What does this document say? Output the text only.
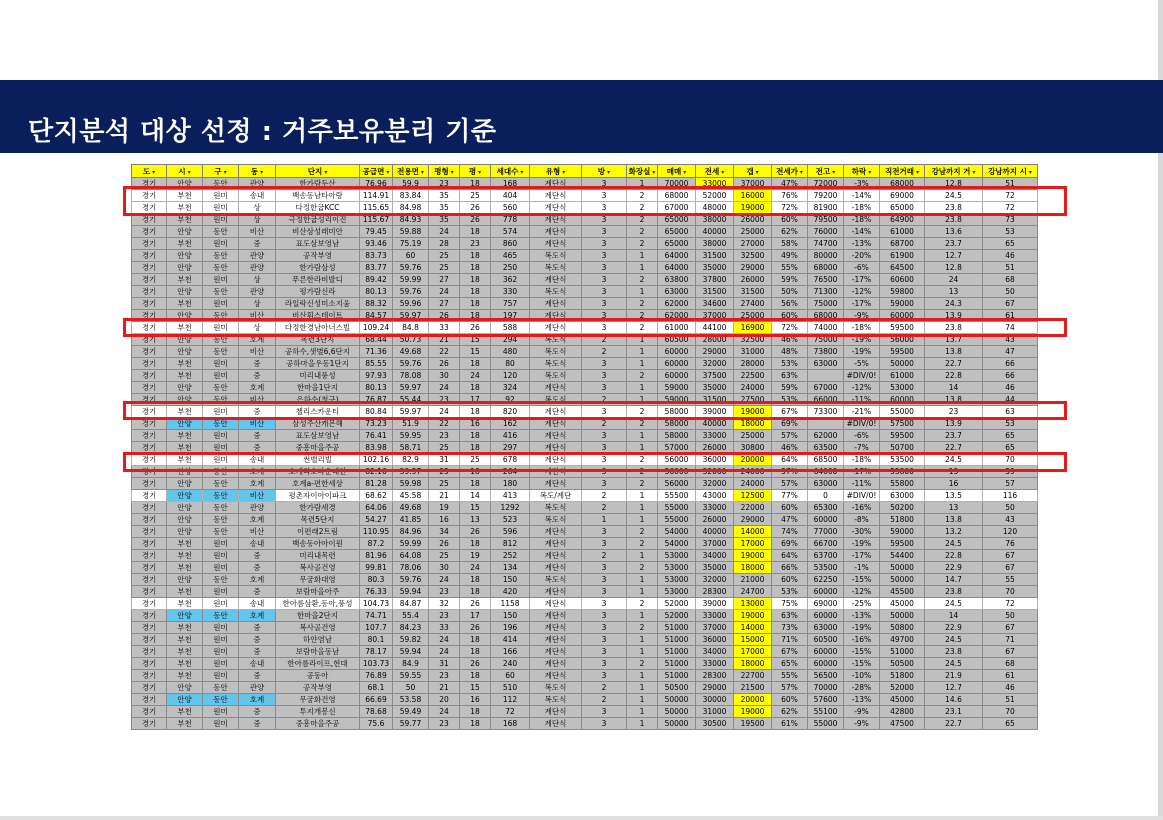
단지분석 대상 선정 : 거주보유분리 기준
도 ▾	시 ▾	구 ▾	동 ▾	단지 ▾	공급면 ▾	전용면 ▾	평형 ▾	평 ▾	세대수 ▾	유형 ▾	방 ▾	화장실 ▾	매매 ▾	전세 ▾	갭 ▾	전세가 ▾	전고 ▾	하락 ▾	직전거래 ▾	강남까지 거 ▾	강남까지 시 ▾
경기	안양	동안	관양	한가람두산	76.96	59.9	23	18	168	계단식	3	1	70000	33000	37000	47%	72000	-3%	68000	12.8	51
경기	부천	원미	송내	백송동남타아랑	114.91	83.84	35	25	404	계단식	3	2	68000	52000	16000	76%	79200	-14%	69000	24.5	72
경기	부천	원미	상	다정한굽KCC	115.65	84.98	35	26	560	계단식	3	2	67000	48000	19000	72%	81900	-18%	65000	23.8	72
경기	부천	원미	상	극정한굽성리이진	115.67	84.93	35	26	778	계단식	3	2	65000	38000	26000	60%	79500	-18%	64900	23.8	73
경기	안양	동안	비산	비산삼성래미안	79.45	59.88	24	18	574	계단식	3	2	65000	40000	25000	62%	76000	-14%	61000	13.6	53
경기	부천	원미	중	표도삼보영남	93.46	75.19	28	23	860	계단식	3	2	65000	38000	27000	58%	74700	-13%	68700	23.7	65
경기	안양	동안	관양	공작부영	83.73	60	25	18	465	복도식	3	1	64000	31500	32500	49%	80000	-20%	61900	12.7	46
경기	안양	동안	관양	한가람삼성	83.77	59.76	25	18	250	복도식	3	1	64000	35000	29000	55%	68000	-6%	64500	12.8	51
경기	부천	원미	상	푸른한라비발디	89.42	59.99	27	18	362	계단식	3	2	63800	37800	26000	59%	76500	-17%	60600	24	68
경기	안양	동안	관양	평가람신라	80.13	59.76	24	18	330	복도식	3	1	63000	31500	31500	50%	71300	-12%	59800	13	50
경기	부천	원미	상	라일락신성미소지움	88.32	59.96	27	18	757	계단식	3	2	62000	34600	27400	56%	75000	-17%	59000	24.3	67
경기	안양	동안	비산	비산휘스테이트	84.57	59.97	26	18	197	계단식	3	2	62000	37000	25000	60%	68000	-9%	60000	13.9	61
경기	부천	원미	상	다정한경남아너스빌	109.24	84.8	33	26	588	계단식	3	2	61000	44100	16900	72%	74000	-18%	59500	23.8	74
경기	안양	동안	호계	목련3단지	68.44	50.73	21	15	294	복도식	2	1	60500	28000	32500	46%	75000	-19%	56000	13.7	43
경기	안양	동안	비산	공하수,샛별6,6단지	71.36	49.68	22	15	480	복도식	2	1	60000	29000	31000	48%	73800	-19%	59500	13.8	47
경기	부천	원미	중	공하마을우동1단지	85.55	59.76	26	18	80	복도식	3	1	60000	32000	28000	53%	63000	-5%	50000	22.7	66
경기	부천	원미	중	미리내풍성	97.93	78.08	30	24	120	복도식	3	2	60000	37500	22500	63%		#DIV/0!	61000	22.8	66
경기	안양	동안	호계	한마을1단지	80.13	59.97	24	18	324	계단식	3	1	59000	35000	24000	59%	67000	-12%	53000	14	46
경기	안양	동안	비산	은하수(청구)	76.87	55.44	23	17	92	복도식	2	1	59000	31500	27500	53%	66000	-11%	60000	13.8	44
경기	부천	원미	중	첼리스카운티	80.84	59.97	24	18	820	계단식	3	2	58000	39000	19000	67%	73300	-21%	55000	23	63
경기	안양	동안	비산	삼성주산캐몬해	73.23	51.9	22	16	162	계단식	2	2	58000	40000	18000	69%		#DIV/0!	57500	13.9	53
경기	부천	원미	중	표도삼보영남	76.41	59.95	23	18	416	계단식	3	1	58000	33000	25000	57%	62000	-6%	59500	23.7	65
경기	부천	원미	중	중흥마을주공	83.98	58.71	25	18	297	계단식	3	1	57000	26000	30800	46%	63500	-7%	50700	22.7	65
경기	부천	원미	송내	썬밸리빌	102.16	82.9	31	25	678	계단식	3	2	56000	36000	20000	64%	68500	-18%	53500	24.5	70
경기	안양	동안	호계	호계리호타운대한	82.16	59.97	25	18	264	계단식	3	2	56000	32000	24000	57%	64000	-17%	55800	13	59
경기	안양	동안	호계	호계a-편한세상	81.28	59.98	25	18	180	계단식	3	2	56000	32000	24000	57%	63000	-11%	55800	16	57
경기	안양	동안	비산	평촌자이아이파크	68.62	45.58	21	14	413	복도/계단	2	1	55500	43000	12500	77%	0	#DIV/0!	63000	13.5	116
경기	안양	동안	관양	한가람세경	64.06	49.68	19	15	1292	복도식	2	1	55000	33000	22000	60%	65300	-16%	50200	13	50
경기	안양	동안	호계	목련5단지	54.27	41.85	16	13	523	복도식	1	1	55000	26000	29000	47%	60000	-8%	51800	13.8	43
경기	안양	동안	비산	이편래2트림	110.95	84.96	34	26	596	계단식	3	2	54000	40000	14000	74%	77000	-30%	59000	13.2	120
경기	부천	원미	송내	백송동아아이원	87.2	59.99	26	18	812	계단식	3	2	54000	37000	17000	69%	66700	-19%	59500	24.5	76
경기	부천	원미	중	미리내목련	81.96	64.08	25	19	252	계단식	2	1	53000	34000	19000	64%	63700	-17%	54400	22.8	67
경기	부천	원미	중	복사골건영	99.81	78.06	30	24	134	계단식	3	2	53000	35000	18000	66%	53500	-1%	50000	22.9	67
경기	안양	동안	호계	무궁화대영	80.3	59.76	24	18	150	복도식	3	1	53000	32000	21000	60%	62250	-15%	50000	14.7	55
경기	부천	원미	중	보람마을아주	76.33	59.94	23	18	420	계단식	3	1	53000	28300	24700	53%	60000	-12%	45500	23.8	70
경기	부천	원미	송내	한아름삼환,동아,풍성	104.73	84.87	32	26	1158	계단식	3	2	52000	39000	13000	75%	69000	-25%	45000	24.5	72
경기	안양	동안	호계	한마을2단지	74.71	55.4	23	17	150	계단식	3	1	52000	33000	19000	63%	60000	-13%	50000	14	50
경기	부천	원미	중	복사골건영	107.7	84.23	33	26	196	계단식	3	2	51000	37000	14000	73%	63000	-19%	50800	22.9	67
경기	부천	원미	중	하얀염남	80.1	59.82	24	18	414	계단식	3	1	51000	36000	15000	71%	60500	-16%	49700	24.5	71
경기	부천	원미	중	보람마을동남	78.17	59.94	24	18	166	계단식	3	1	51000	34000	17000	67%	60000	-15%	51000	23.8	67
경기	부천	원미	송내	한아름라이프,현대	103.73	84.9	31	26	240	계단식	3	2	51000	33000	18000	65%	60000	-15%	50500	24.5	68
경기	부천	원미	중	공동아	76.89	59.55	23	18	60	계단식	3	1	51000	28300	22700	55%	56500	-10%	51800	21.9	61
경기	안양	동안	관양	공작부영	68.1	50	21	15	510	복도식	2	1	50500	29000	21500	57%	70000	-28%	52000	12.7	46
경기	안양	동안	호계	무궁화건영	66.69	53.58	20	16	112	복도식	2	1	50000	30000	20000	60%	57600	-13%	45000	14.6	51
경기	부천	원미	중	투지개봉신	78.68	59.49	24	18	72	계단식	3	1	50000	31000	19000	62%	55100	-9%	42800	23.1	70
경기	부천	원미	중	중흥마을주공	75.6	59.77	23	18	168	계단식	3	1	50000	30500	19500	61%	55000	-9%	47500	22.7	65
